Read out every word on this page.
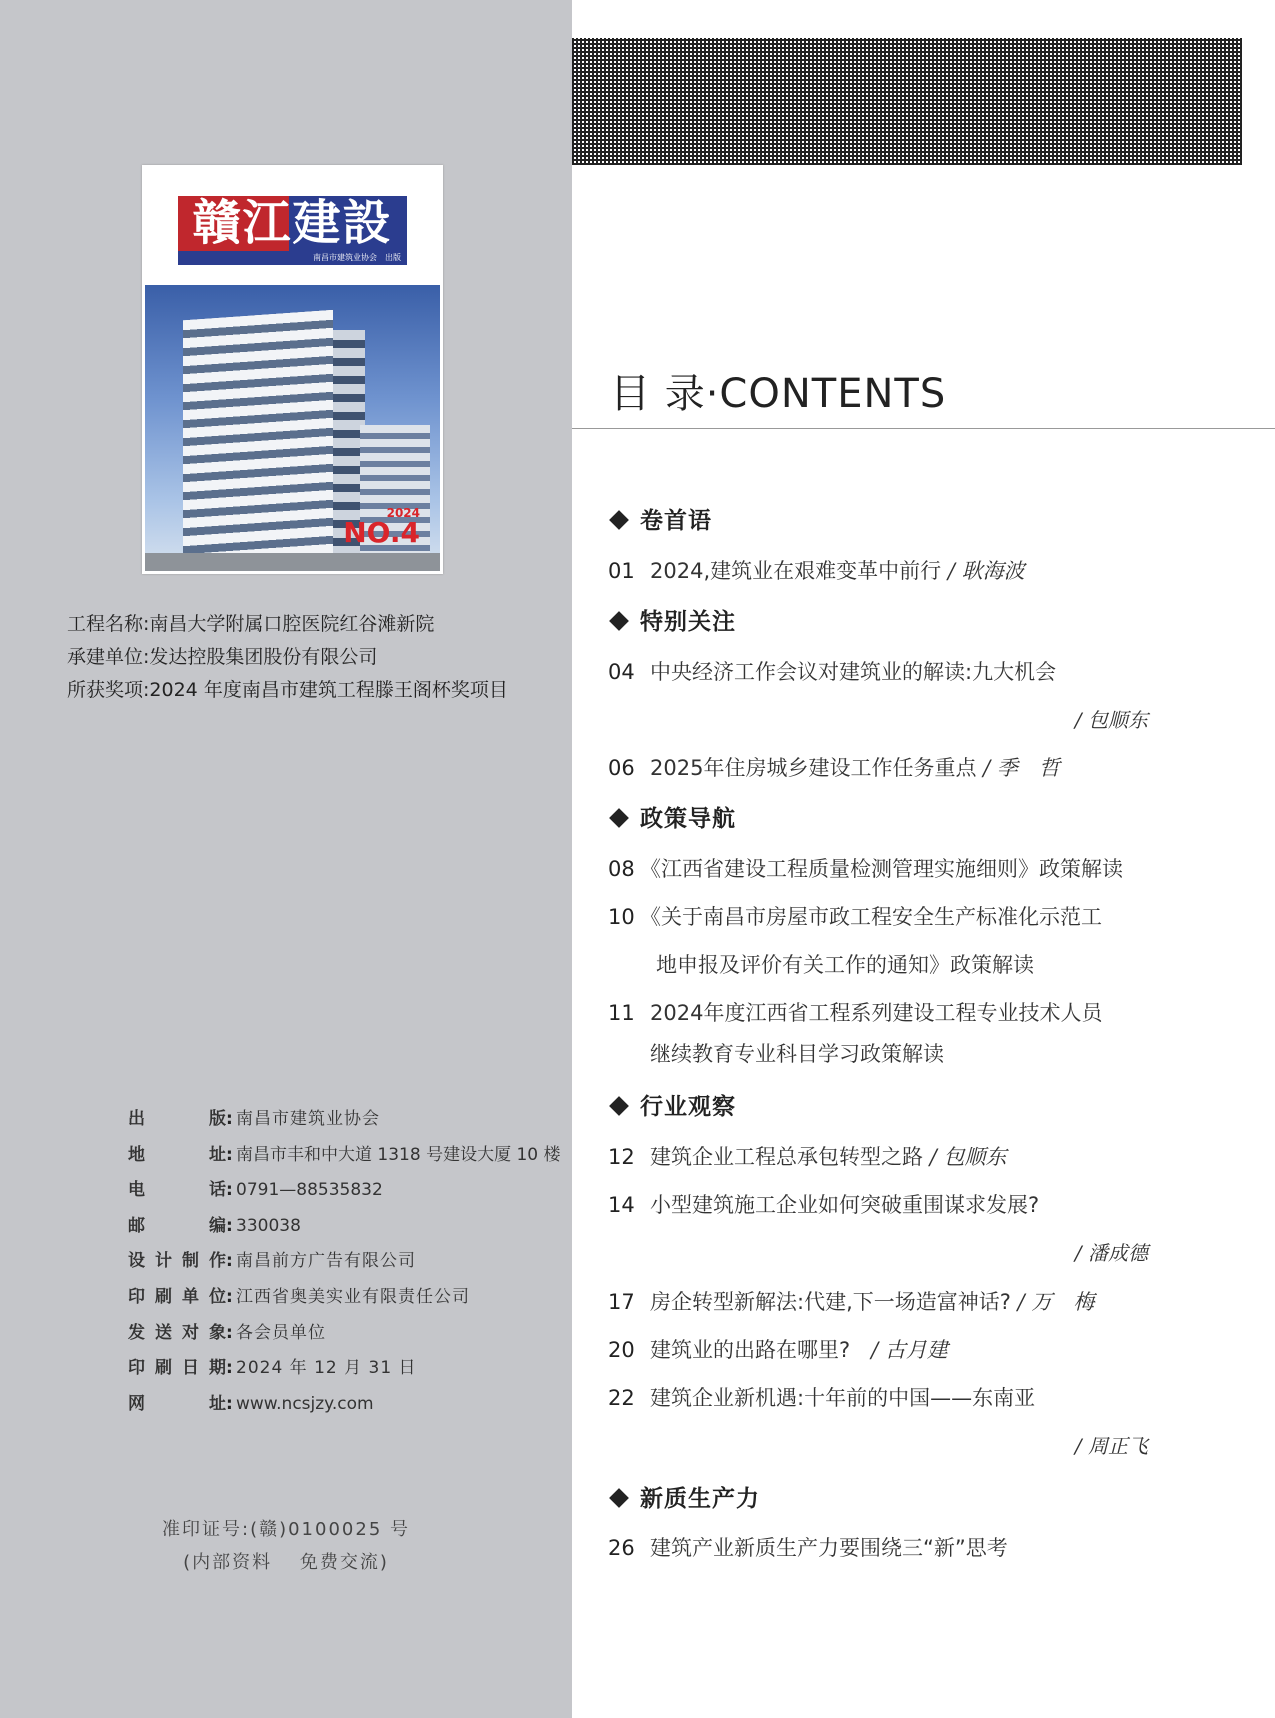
贛江建設
南昌市建筑业协会　出版
2024
NO.4
工程名称:南昌大学附属口腔医院红谷滩新院
承建单位:发达控股集团股份有限公司
所获奖项:2024 年度南昌市建筑工程滕王阁杯奖项目
出版: 南昌市建筑业协会
地址: 南昌市丰和中大道 1318 号建设大厦 10 楼
电话: 0791—88535832
邮编: 330038
设计制作: 南昌前方广告有限公司
印刷单位: 江西省奥美实业有限责任公司
发送对象: 各会员单位
印刷日期: 2024 年 12 月 31 日
网址: www.ncsjzy.com
准印证号:(赣)0100025 号
(内部资料　 免费交流)
目 录·CONTENTS
卷首语
01 2024,建筑业在艰难变革中前行 / 耿海波
特别关注
04 中央经济工作会议对建筑业的解读:九大机会
/ 包顺东
06 2025年住房城乡建设工作任务重点 / 季　哲
政策导航
08 《江西省建设工程质量检测管理实施细则》政策解读
10 《关于南昌市房屋市政工程安全生产标准化示范工
地申报及评价有关工作的通知》政策解读
11 2024年度江西省工程系列建设工程专业技术人员
继续教育专业科目学习政策解读
行业观察
12 建筑企业工程总承包转型之路 / 包顺东
14 小型建筑施工企业如何突破重围谋求发展?
/ 潘成德
17 房企转型新解法:代建,下一场造富神话? / 万　梅
20 建筑业的出路在哪里?　 / 古月建
22 建筑企业新机遇:十年前的中国——东南亚
/ 周正飞
新质生产力
26 建筑产业新质生产力要围绕三“新”思考
